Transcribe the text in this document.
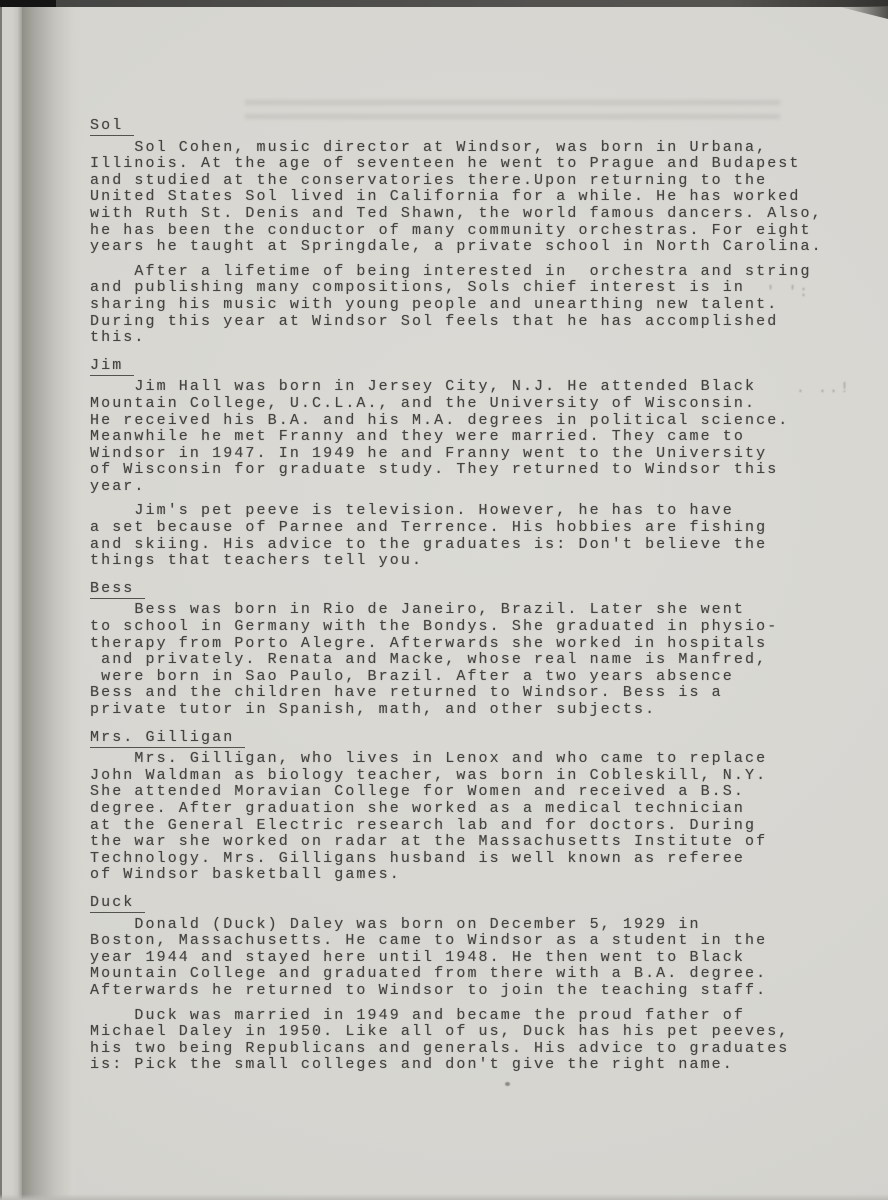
' ':
. ..!
Sol
Sol Cohen, music director at Windsor, was born in Urbana,
Illinois. At the age of seventeen he went to Prague and Budapest
and studied at the conservatories there.Upon returning to the
United States Sol lived in California for a while. He has worked
with Ruth St. Denis and Ted Shawn, the world famous dancers. Also,
he has been the conductor of many community orchestras. For eight
years he taught at Springdale, a private school in North Carolina.
After a lifetime of being interested in  orchestra and string
and publishing many compositions, Sols chief interest is in
sharing his music with young people and unearthing new talent.
During this year at Windsor Sol feels that he has accomplished
this.
Jim
Jim Hall was born in Jersey City, N.J. He attended Black
Mountain College, U.C.L.A., and the University of Wisconsin.
He received his B.A. and his M.A. degrees in political science.
Meanwhile he met Franny and they were married. They came to
Windsor in 1947. In 1949 he and Franny went to the University
of Wisconsin for graduate study. They returned to Windsor this
year.
Jim's pet peeve is television. However, he has to have
a set because of Parnee and Terrence. His hobbies are fishing
and skiing. His advice to the graduates is: Don't believe the
things that teachers tell you.
Bess
Bess was born in Rio de Janeiro, Brazil. Later she went
to school in Germany with the Bondys. She graduated in physio-
therapy from Porto Alegre. Afterwards she worked in hospitals
and privately. Renata and Macke, whose real name is Manfred,
were born in Sao Paulo, Brazil. After a two years absence
Bess and the children have returned to Windsor. Bess is a
private tutor in Spanish, math, and other subjects.
Mrs. Gilligan
Mrs. Gilligan, who lives in Lenox and who came to replace
John Waldman as biology teacher, was born in Cobleskill, N.Y.
She attended Moravian College for Women and received a B.S.
degree. After graduation she worked as a medical technician
at the General Electric research lab and for doctors. During
the war she worked on radar at the Massachusetts Institute of
Technology. Mrs. Gilligans husband is well known as referee
of Windsor basketball games.
Duck
Donald (Duck) Daley was born on December 5, 1929 in
Boston, Massachusetts. He came to Windsor as a student in the
year 1944 and stayed here until 1948. He then went to Black
Mountain College and graduated from there with a B.A. degree.
Afterwards he returned to Windsor to join the teaching staff.
Duck was married in 1949 and became the proud father of
Michael Daley in 1950. Like all of us, Duck has his pet peeves,
his two being Republicans and generals. His advice to graduates
is: Pick the small colleges and don't give the right name.
